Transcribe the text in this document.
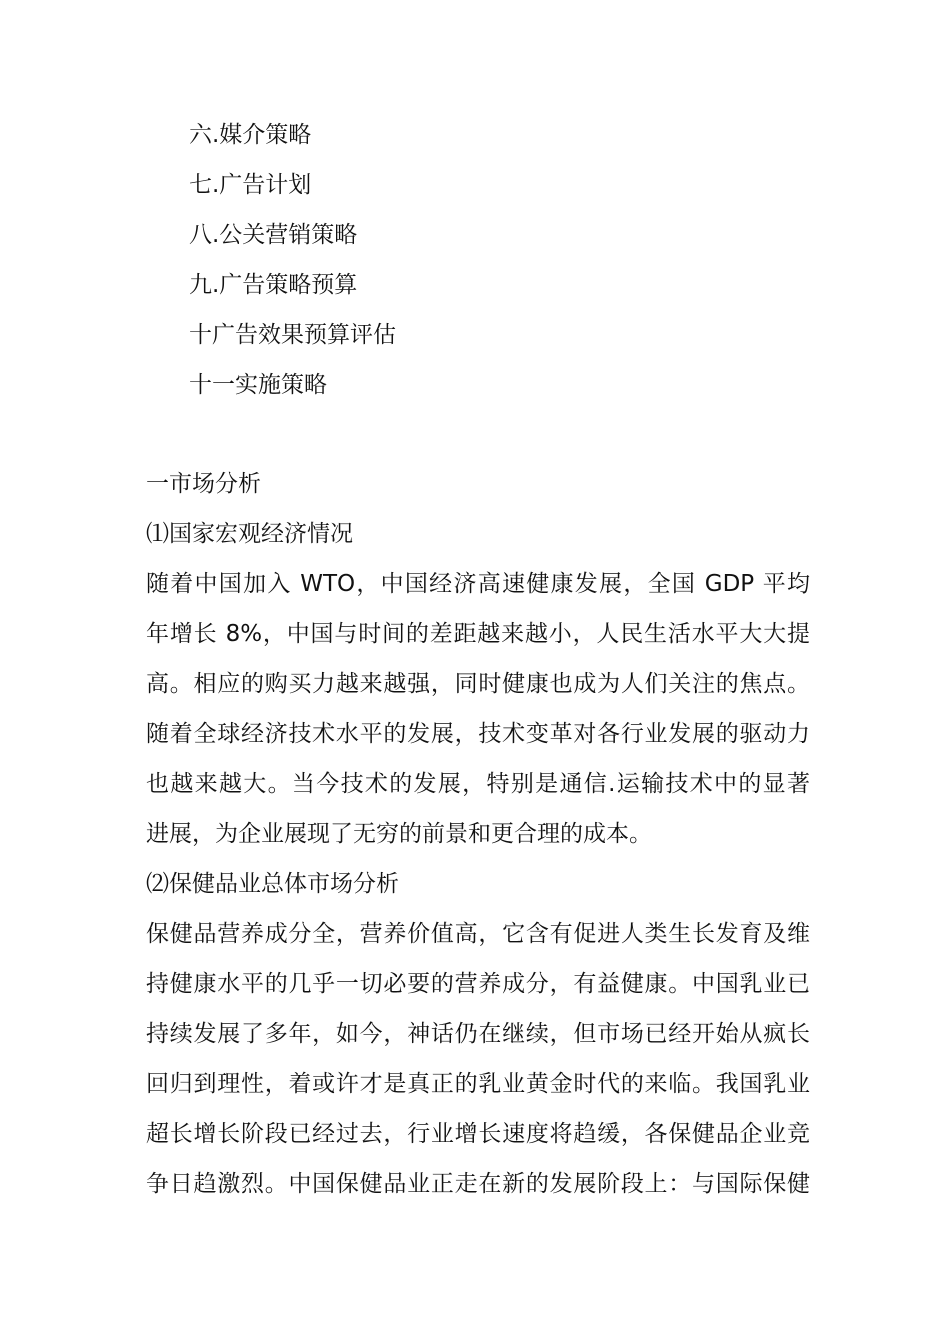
六.媒介策略
七.广告计划
八.公关营销策略
九.广告策略预算
十广告效果预算评估
十一实施策略
一市场分析
⑴国家宏观经济情况
随着中国加入 WTO，中国经济高速健康发展，全国 GDP 平均
年增长 8%，中国与时间的差距越来越小，人民生活水平大大提
高。相应的购买力越来越强，同时健康也成为人们关注的焦点。
随着全球经济技术水平的发展，技术变革对各行业发展的驱动力
也越来越大。当今技术的发展，特别是通信.运输技术中的显著
进展，为企业展现了无穷的前景和更合理的成本。
⑵保健品业总体市场分析
保健品营养成分全，营养价值高，它含有促进人类生长发育及维
持健康水平的几乎一切必要的营养成分，有益健康。中国乳业已
持续发展了多年，如今，神话仍在继续，但市场已经开始从疯长
回归到理性，着或许才是真正的乳业黄金时代的来临。我国乳业
超长增长阶段已经过去，行业增长速度将趋缓，各保健品企业竞
争日趋激烈。中国保健品业正走在新的发展阶段上：与国际保健
